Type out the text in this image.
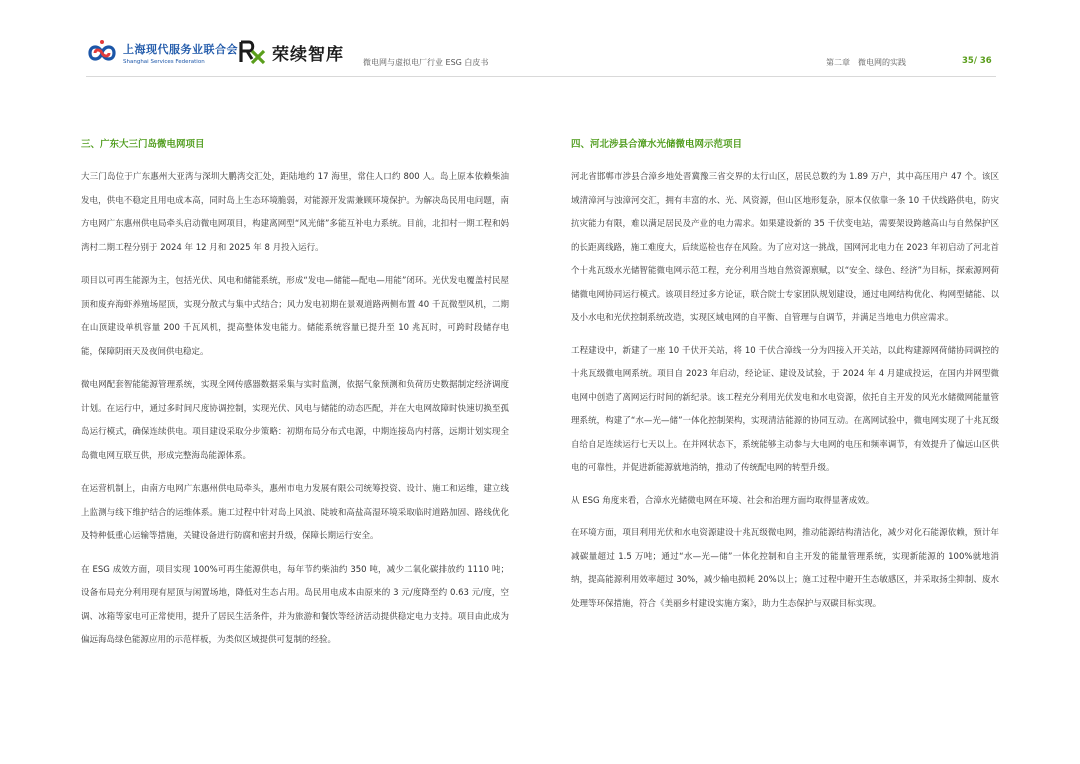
上海现代服务业联合会
Shanghai Services Federation	荣续智库 微电网与虚拟电厂行业 ESG 白皮书	第二章　微电网的实践	35/ 36
三、广东大三门岛微电网项目

大三门岛位于广东惠州大亚湾与深圳大鹏湾交汇处，距陆地约 17 海里，常住人口约 800 人。岛上原本依赖柴油发电，供电不稳定且用电成本高，同时岛上生态环境脆弱，对能源开发需兼顾环境保护。为解决岛民用电问题，南方电网广东惠州供电局牵头启动微电网项目，构建离网型“风光储”多能互补电力系统。目前，北扣村一期工程和妈湾村二期工程分别于 2024 年 12 月和 2025 年 8 月投入运行。

项目以可再生能源为主，包括光伏、风电和储能系统，形成“发电—储能—配电—用能”闭环。光伏发电覆盖村民屋顶和废弃海虾养殖场屋顶，实现分散式与集中式结合；风力发电初期在景观道路两侧布置 40 千瓦微型风机，二期在山顶建设单机容量 200 千瓦风机，提高整体发电能力。储能系统容量已提升至 10 兆瓦时，可跨时段储存电能，保障阴雨天及夜间供电稳定。

微电网配套智能能源管理系统，实现全网传感器数据采集与实时监测，依据气象预测和负荷历史数据制定经济调度计划。在运行中，通过多时间尺度协调控制，实现光伏、风电与储能的动态匹配，并在大电网故障时快速切换至孤岛运行模式，确保连续供电。项目建设采取分步策略：初期布局分布式电源，中期连接岛内村落，远期计划实现全岛微电网互联互供，形成完整海岛能源体系。

在运营机制上，由南方电网广东惠州供电局牵头，惠州市电力发展有限公司统筹投资、设计、施工和运维，建立线上监测与线下维护结合的运维体系。施工过程中针对岛上风浪、陡坡和高盐高湿环境采取临时道路加固、路线优化及特种低重心运输等措施，关键设备进行防腐和密封升级，保障长期运行安全。

在 ESG 成效方面，项目实现 100%可再生能源供电，每年节约柴油约 350 吨，减少二氧化碳排放约 1110 吨；设备布局充分利用现有屋顶与闲置场地，降低对生态占用。岛民用电成本由原来的 3 元/度降至约 0.63 元/度，空调、冰箱等家电可正常使用，提升了居民生活条件，并为旅游和餐饮等经济活动提供稳定电力支持。项目由此成为偏远海岛绿色能源应用的示范样板，为类似区域提供可复制的经验。

四、河北涉县合漳水光储微电网示范项目

河北省邯郸市涉县合漳乡地处晋冀豫三省交界的太行山区，居民总数约为 1.89 万户，其中高压用户 47 个。该区域清漳河与浊漳河交汇，拥有丰富的水、光、风资源，但山区地形复杂，原本仅依靠一条 10 千伏线路供电，防灾抗灾能力有限，难以满足居民及产业的电力需求。如果建设新的 35 千伏变电站，需要架设跨越高山与自然保护区的长距离线路，施工难度大，后续巡检也存在风险。为了应对这一挑战，国网河北电力在 2023 年初启动了河北首个十兆瓦级水光储智能微电网示范工程，充分利用当地自然资源禀赋，以“安全、绿色、经济”为目标，探索源网荷储微电网协同运行模式。该项目经过多方论证，联合院士专家团队规划建设，通过电网结构优化、构网型储能、以及小水电和光伏控制系统改造，实现区域电网的自平衡、自管理与自调节，并满足当地电力供应需求。

工程建设中，新建了一座 10 千伏开关站，将 10 千伏合漳线一分为四接入开关站，以此构建源网荷储协同调控的十兆瓦级微电网系统。项目自 2023 年启动，经论证、建设及试验，于 2024 年 4 月建成投运，在国内并网型微电网中创造了离网运行时间的新纪录。该工程充分利用光伏发电和水电资源，依托自主开发的风光水储微网能量管理系统，构建了“水—光—储”一体化控制架构，实现清洁能源的协同互动。在离网试验中，微电网实现了十兆瓦级自给自足连续运行七天以上。在并网状态下，系统能够主动参与大电网的电压和频率调节，有效提升了偏远山区供电的可靠性，并促进新能源就地消纳，推动了传统配电网的转型升级。

从 ESG 角度来看，合漳水光储微电网在环境、社会和治理方面均取得显著成效。

在环境方面，项目利用光伏和水电资源建设十兆瓦级微电网，推动能源结构清洁化，减少对化石能源依赖，预计年减碳量超过 1.5 万吨；通过“水—光—储”一体化控制和自主开发的能量管理系统，实现新能源的 100%就地消纳，提高能源利用效率超过 30%，减少输电损耗 20%以上；施工过程中避开生态敏感区，并采取扬尘抑制、废水处理等环保措施，符合《美丽乡村建设实施方案》，助力生态保护与双碳目标实现。
